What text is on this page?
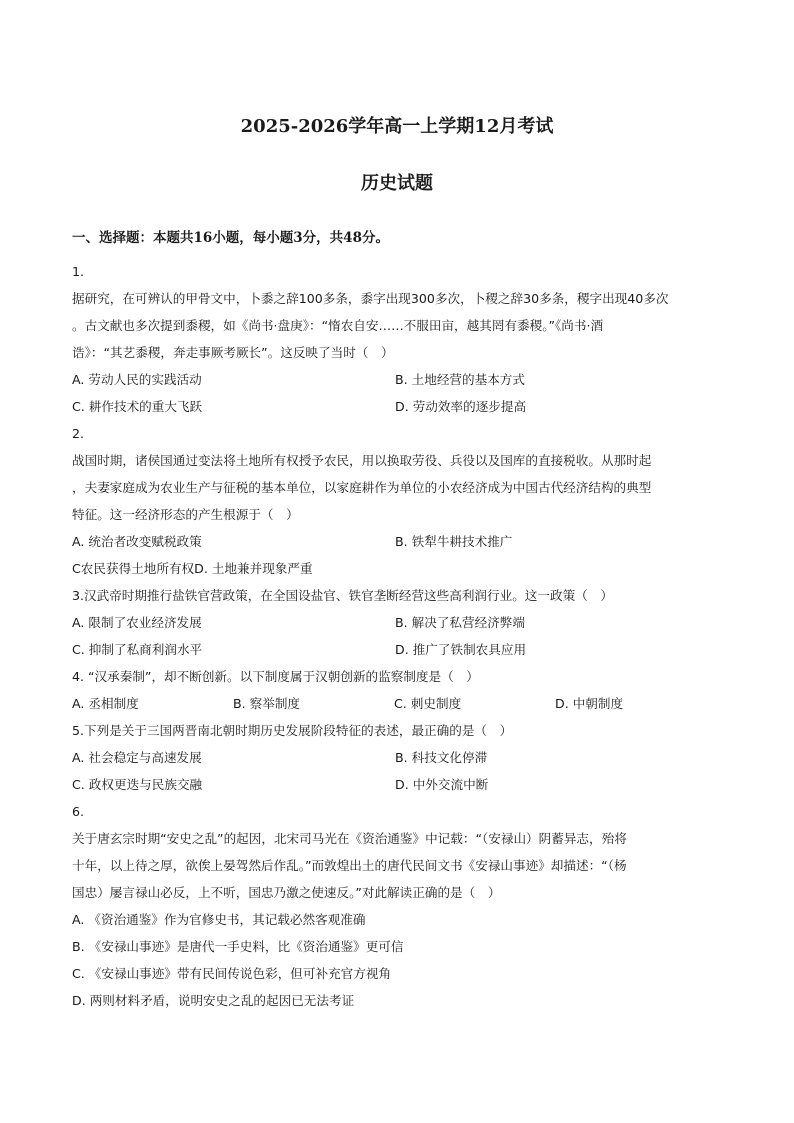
2025-2026学年高一上学期12月考试
历史试题
一、选择题：本题共16小题，每小题3分，共48分。
1.
据研究，在可辨认的甲骨文中，卜黍之辞100多条，黍字出现300多次，卜稷之辞30多条，稷字出现40多次
。古文献也多次提到黍稷，如《尚书·盘庚》：“惰农自安……不服田亩，越其罔有黍稷。”《尚书·酒
诰》：“其艺黍稷，奔走事厥考厥长”。这反映了当时（　）
A. 劳动人民的实践活动	B. 土地经营的基本方式
C. 耕作技术的重大飞跃	D. 劳动效率的逐步提高
2.
战国时期，诸侯国通过变法将土地所有权授予农民，用以换取劳役、兵役以及国库的直接税收。从那时起
，夫妻家庭成为农业生产与征税的基本单位，以家庭耕作为单位的小农经济成为中国古代经济结构的典型
特征。这一经济形态的产生根源于（　）
A. 统治者改变赋税政策	B. 铁犁牛耕技术推广
C农民获得土地所有权D. 土地兼并现象严重
3.汉武帝时期推行盐铁官营政策，在全国设盐官、铁官垄断经营这些高利润行业。这一政策（　）
A. 限制了农业经济发展	B. 解决了私营经济弊端
C. 抑制了私商利润水平	D. 推广了铁制农具应用
4. “汉承秦制”，却不断创新。以下制度属于汉朝创新的监察制度是（　）
A. 丞相制度	B. 察举制度	C. 刺史制度	D. 中朝制度
5.下列是关于三国两晋南北朝时期历史发展阶段特征的表述，最正确的是（　）
A. 社会稳定与高速发展	B. 科技文化停滞
C. 政权更迭与民族交融	D. 中外交流中断
6.
关于唐玄宗时期“安史之乱”的起因，北宋司马光在《资治通鉴》中记载：“（安禄山）阴蓄异志，殆将
十年，以上待之厚，欲俟上晏驾然后作乱。”而敦煌出土的唐代民间文书《安禄山事迹》却描述：“（杨
国忠）屡言禄山必反，上不听，国忠乃激之使速反。”对此解读正确的是（　）
A. 《资治通鉴》作为官修史书，其记载必然客观准确
B. 《安禄山事迹》是唐代一手史料，比《资治通鉴》更可信
C. 《安禄山事迹》带有民间传说色彩，但可补充官方视角
D. 两则材料矛盾，说明安史之乱的起因已无法考证
